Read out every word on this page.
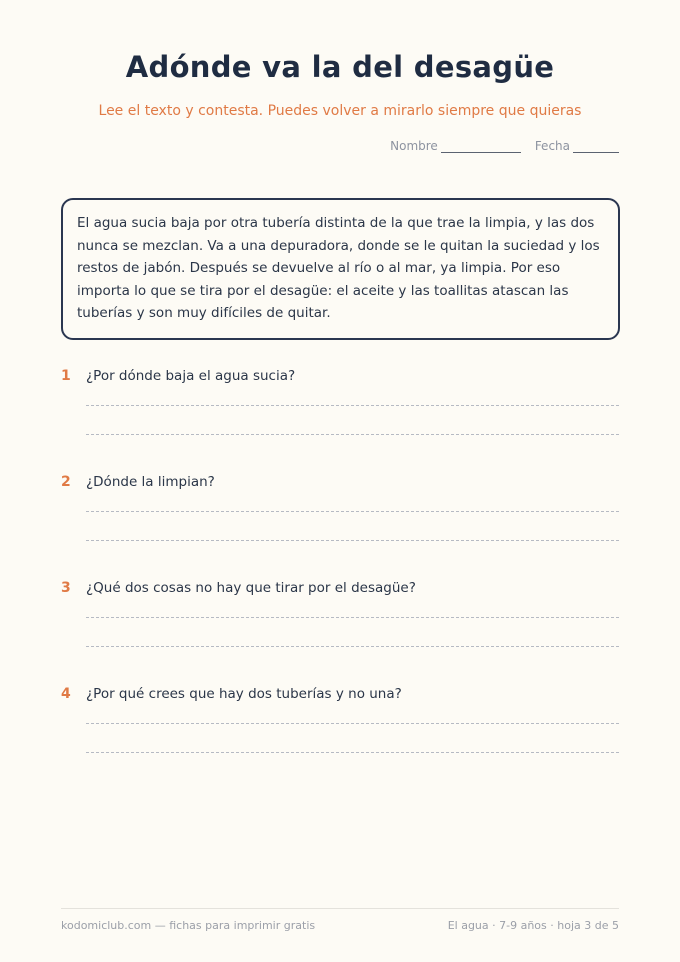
Adónde va la del desagüe

Lee el texto y contesta. Puedes volver a mirarlo siempre que quieras

Nombre	Fecha
El agua sucia baja por otra tubería distinta de la que trae la limpia, y las dos nunca se mezclan. Va a una depuradora, donde se le quitan la suciedad y los restos de jabón. Después se devuelve al río o al mar, ya limpia. Por eso importa lo que se tira por el desagüe: el aceite y las toallitas atascan las tuberías y son muy difíciles de quitar.
1	¿Por dónde baja el agua sucia?
2	¿Dónde la limpian?
3	¿Qué dos cosas no hay que tirar por el desagüe?
4	¿Por qué crees que hay dos tuberías y no una?
kodomiclub.com — fichas para imprimir gratis	El agua · 7-9 años · hoja 3 de 5
